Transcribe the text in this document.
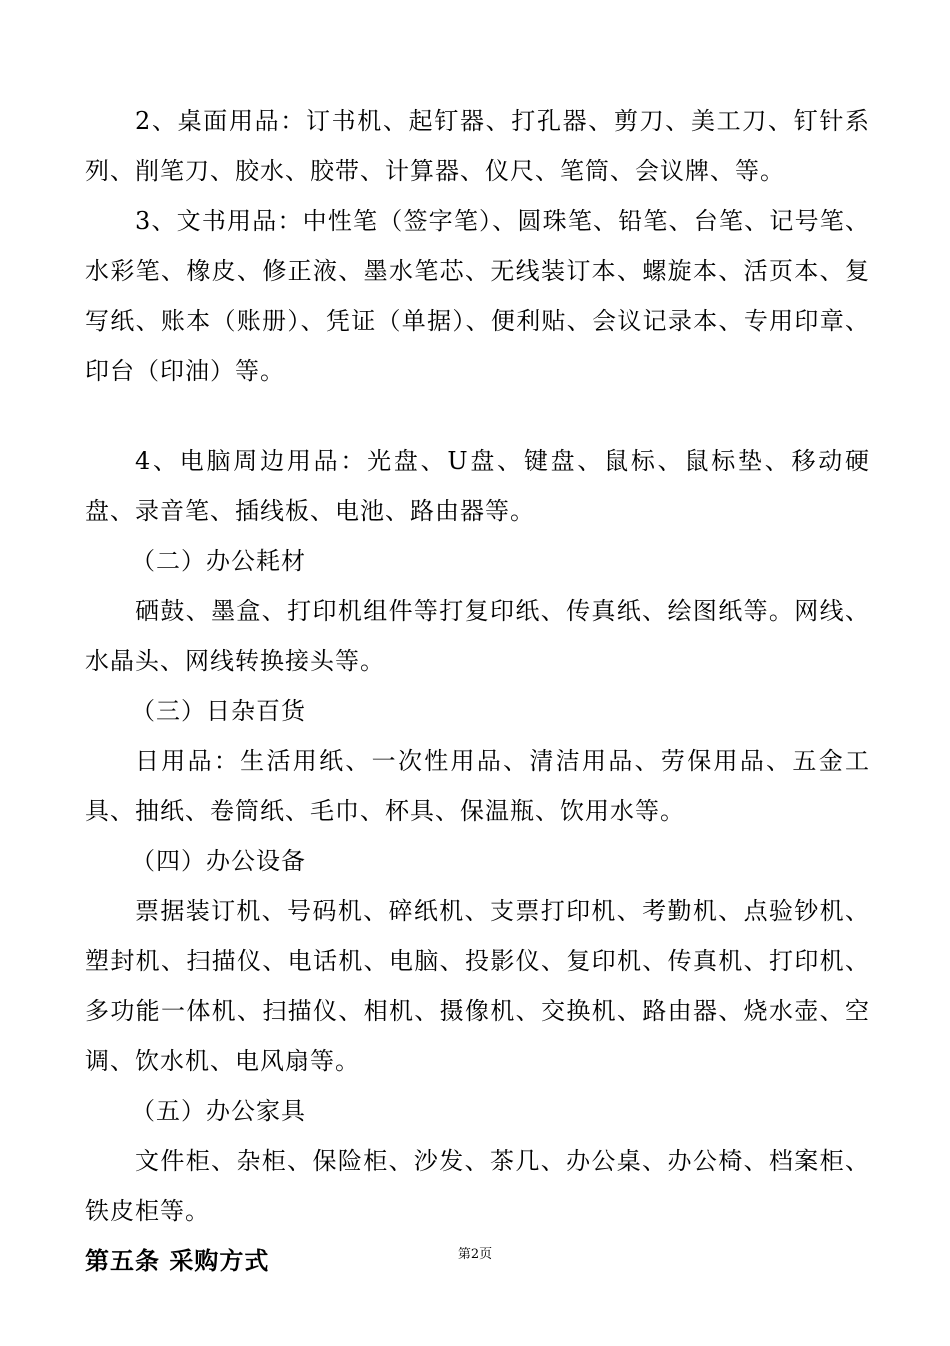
2、桌面用品：订书机、起钉器、打孔器、剪刀、美工刀、钉针系列、削笔刀、胶水、胶带、计算器、仪尺、笔筒、会议牌、等。

3、文书用品：中性笔（签字笔）、圆珠笔、铅笔、台笔、记号笔、水彩笔、橡皮、修正液、墨水笔芯、无线装订本、螺旋本、活页本、复写纸、账本（账册）、凭证（单据）、便利贴、会议记录本、专用印章、印台（印油）等。

4、电脑周边用品：光盘、U盘、键盘、鼠标、鼠标垫、移动硬盘、录音笔、插线板、电池、路由器等。

（二）办公耗材

硒鼓、墨盒、打印机组件等打复印纸、传真纸、绘图纸等。网线、水晶头、网线转换接头等。

（三）日杂百货

日用品：生活用纸、一次性用品、清洁用品、劳保用品、五金工具、抽纸、卷筒纸、毛巾、杯具、保温瓶、饮用水等。

（四）办公设备

票据装订机、号码机、碎纸机、支票打印机、考勤机、点验钞机、塑封机、扫描仪、电话机、电脑、投影仪、复印机、传真机、打印机、多功能一体机、扫描仪、相机、摄像机、交换机、路由器、烧水壶、空调、饮水机、电风扇等。

（五）办公家具

文件柜、杂柜、保险柜、沙发、茶几、办公桌、办公椅、档案柜、铁皮柜等。

第五条 采购方式	第2页
